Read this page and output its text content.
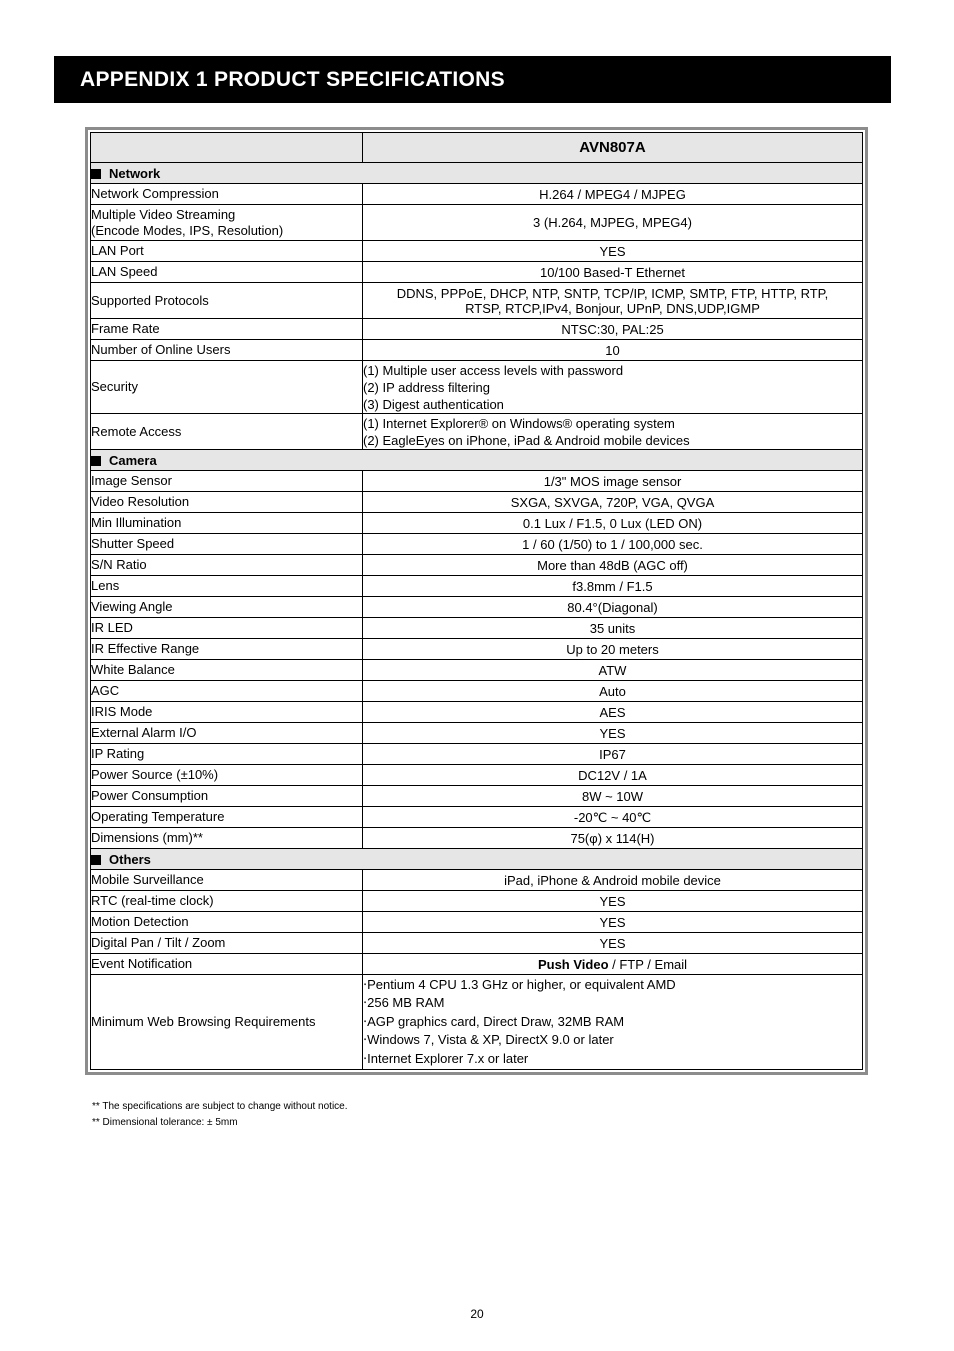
APPENDIX 1 PRODUCT SPECIFICATIONS
	AVN807A
Network	
Network Compression	H.264 / MPEG4 / MJPEG
Multiple Video Streaming
(Encode Modes, IPS, Resolution)	3 (H.264, MJPEG, MPEG4)
LAN Port	YES
LAN Speed	10/100 Based-T Ethernet
Supported Protocols	DDNS, PPPoE, DHCP, NTP, SNTP, TCP/IP, ICMP, SMTP, FTP, HTTP, RTP,
RTSP, RTCP,IPv4, Bonjour, UPnP, DNS,UDP,IGMP
Frame Rate	NTSC:30, PAL:25
Number of Online Users	10
Security	(1) Multiple user access levels with password
(2) IP address filtering
(3) Digest authentication
Remote Access	(1) Internet Explorer® on Windows® operating system
(2) EagleEyes on iPhone, iPad & Android mobile devices
Camera	
Image Sensor	1/3" MOS image sensor
Video Resolution	SXGA, SXVGA, 720P, VGA, QVGA
Min Illumination	0.1 Lux / F1.5, 0 Lux (LED ON)
Shutter Speed	1 / 60 (1/50) to 1 / 100,000 sec.
S/N Ratio	More than 48dB (AGC off)
Lens	f3.8mm / F1.5
Viewing Angle	80.4°(Diagonal)
IR LED	35 units
IR Effective Range	Up to 20 meters
White Balance	ATW
AGC	Auto
IRIS Mode	AES
External Alarm I/O	YES
IP Rating	IP67
Power Source (±10%)	DC12V / 1A
Power Consumption	8W ~ 10W
Operating Temperature	-20℃ ~ 40℃
Dimensions (mm)**	75(φ) x 114(H)
Others	
Mobile Surveillance	iPad, iPhone & Android mobile device
RTC (real-time clock)	YES
Motion Detection	YES
Digital Pan / Tilt / Zoom	YES
Event Notification	Push Video / FTP / Email
Minimum Web Browsing Requirements	‧Pentium 4 CPU 1.3 GHz or higher, or equivalent AMD
‧256 MB RAM
‧AGP graphics card, Direct Draw, 32MB RAM
‧Windows 7, Vista & XP, DirectX 9.0 or later
‧Internet Explorer 7.x or later
** The specifications are subject to change without notice.
** Dimensional tolerance: ± 5mm
20
